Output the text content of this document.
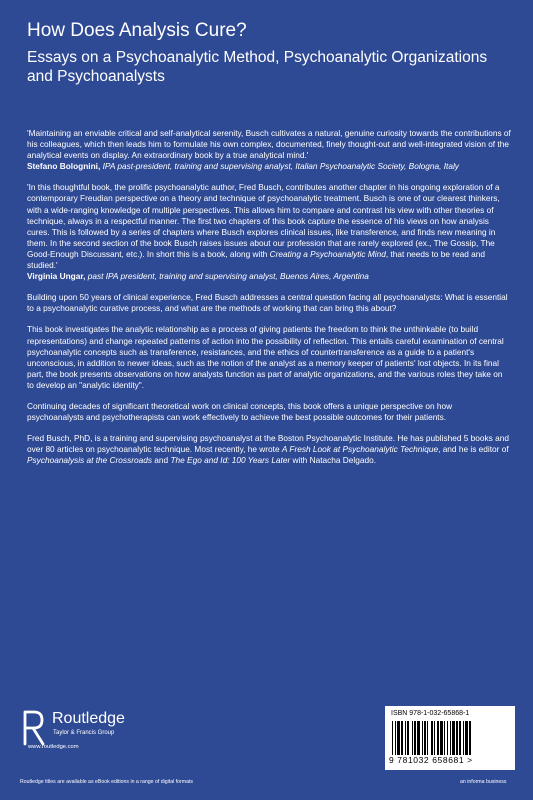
How Does Analysis Cure?
Essays on a Psychoanalytic Method, Psychoanalytic Organizations and Psychoanalysts

'Maintaining an enviable critical and self-analytical serenity, Busch cultivates a natural, genuine curiosity towards the contributions of his colleagues, which then leads him to formulate his own complex, documented, finely thought-out and well-integrated vision of the analytical events on display. An extraordinary book by a true analytical mind.'
Stefano Bolognini, IPA past-president, training and supervising analyst, Italian Psychoanalytic Society, Bologna, Italy

'In this thoughtful book, the prolific psychoanalytic author, Fred Busch, contributes another chapter in his ongoing exploration of a contemporary Freudian perspective on a theory and technique of psychoanalytic treatment. Busch is one of our clearest thinkers, with a wide-ranging knowledge of multiple perspectives. This allows him to compare and contrast his view with other theories of technique, always in a respectful manner. The first two chapters of this book capture the essence of his views on how analysis cures. This is followed by a series of chapters where Busch explores clinical issues, like transference, and finds new meaning in them. In the second section of the book Busch raises issues about our profession that are rarely explored (ex., The Gossip, The Good-Enough Discussant, etc.). In short this is a book, along with Creating a Psychoanalytic Mind, that needs to be read and studied.'
Virginia Ungar, past IPA president, training and supervising analyst, Buenos Aires, Argentina

Building upon 50 years of clinical experience, Fred Busch addresses a central question facing all psychoanalysts: What is essential to a psychoanalytic curative process, and what are the methods of working that can bring this about?

This book investigates the analytic relationship as a process of giving patients the freedom to think the unthinkable (to build representations) and change repeated patterns of action into the possibility of reflection. This entails careful examination of central psychoanalytic concepts such as transference, resistances, and the ethics of countertransference as a guide to a patient's unconscious, in addition to newer ideas, such as the notion of the analyst as a memory keeper of patients' lost objects. In its final part, the book presents observations on how analysts function as part of analytic organizations, and the various roles they take on to develop an "analytic identity".

Continuing decades of significant theoretical work on clinical concepts, this book offers a unique perspective on how psychoanalysts and psychotherapists can work effectively to achieve the best possible outcomes for their patients.

Fred Busch, PhD, is a training and supervising psychoanalyst at the Boston Psychoanalytic Institute. He has published 5 books and over 80 articles on psychoanalytic technique. Most recently, he wrote A Fresh Look at Psychoanalytic Technique, and he is editor of Psychoanalysis at the Crossroads and The Ego and Id: 100 Years Later with Natacha Delgado.

Routledge
Taylor & Francis Group
www.routledge.com
ISBN 978-1-032-65868-1
9 781032 658681 >
Routledge titles are available as eBook editions in a range of digital formats	an informa business
